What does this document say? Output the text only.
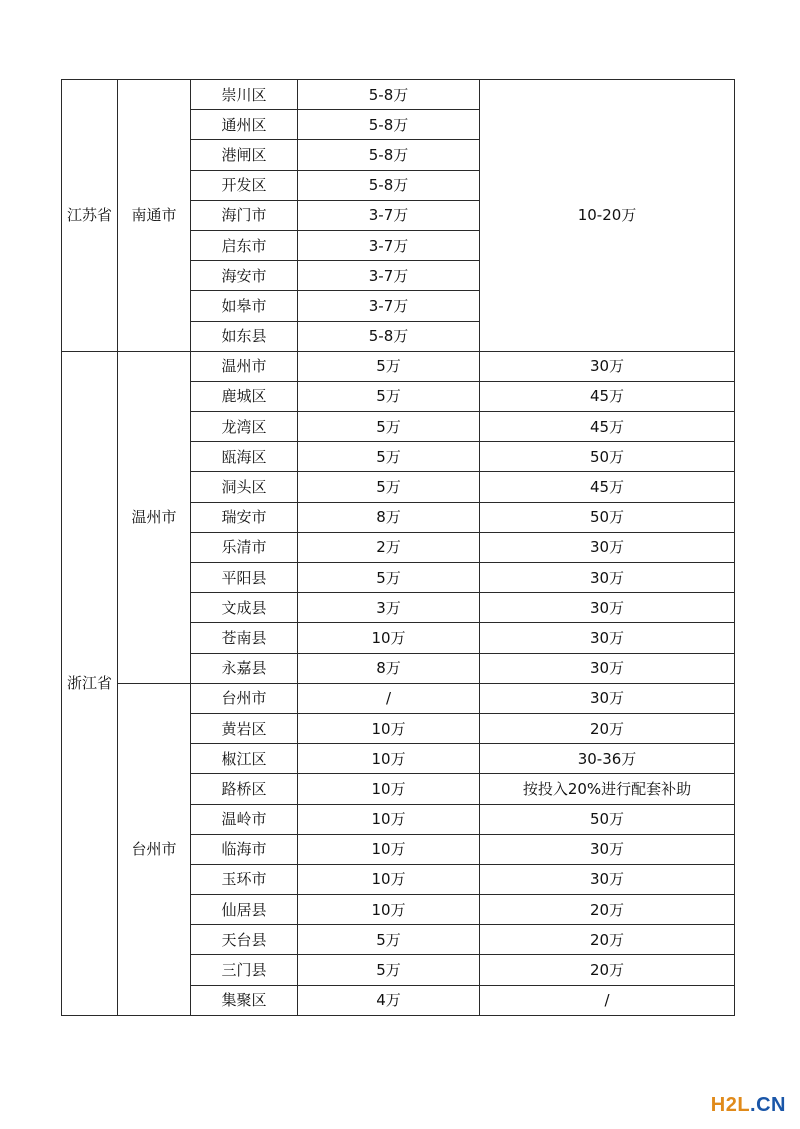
江苏省	南通市	崇川区	5-8万	10-20万
		通州区	5-8万	
		港闸区	5-8万	
		开发区	5-8万	
		海门市	3-7万	
		启东市	3-7万	
		海安市	3-7万	
		如皋市	3-7万	
		如东县	5-8万	
浙江省	温州市	温州市	5万	30万
		鹿城区	5万	45万
		龙湾区	5万	45万
		瓯海区	5万	50万
		洞头区	5万	45万
		瑞安市	8万	50万
		乐清市	2万	30万
		平阳县	5万	30万
		文成县	3万	30万
		苍南县	10万	30万
		永嘉县	8万	30万
	台州市	台州市	/	30万
		黄岩区	10万	20万
		椒江区	10万	30-36万
		路桥区	10万	按投入20%进行配套补助
		温岭市	10万	50万
		临海市	10万	30万
		玉环市	10万	30万
		仙居县	10万	20万
		天台县	5万	20万
		三门县	5万	20万
		集聚区	4万	/
H2L.CN
